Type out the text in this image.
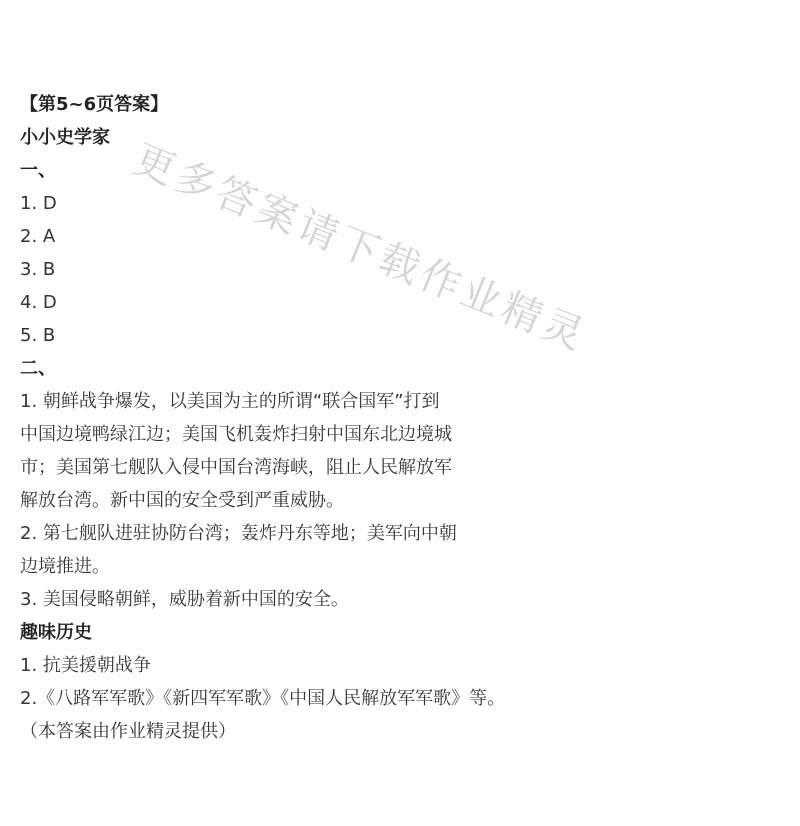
【第5~6页答案】
小小史学家
一、
1. D
2. A
3. B
4. D
5. B
二、
1. 朝鲜战争爆发，以美国为主的所谓“联合国军”打到
中国边境鸭绿江边；美国飞机轰炸扫射中国东北边境城
市；美国第七舰队入侵中国台湾海峡，阻止人民解放军
解放台湾。新中国的安全受到严重威胁。
2. 第七舰队进驻协防台湾；轰炸丹东等地；美军向中朝
边境推进。
3. 美国侵略朝鲜，威胁着新中国的安全。
趣味历史
1. 抗美援朝战争
2.《八路军军歌》《新四军军歌》《中国人民解放军军歌》等。
（本答案由作业精灵提供）
更多答案请下载作业精灵
